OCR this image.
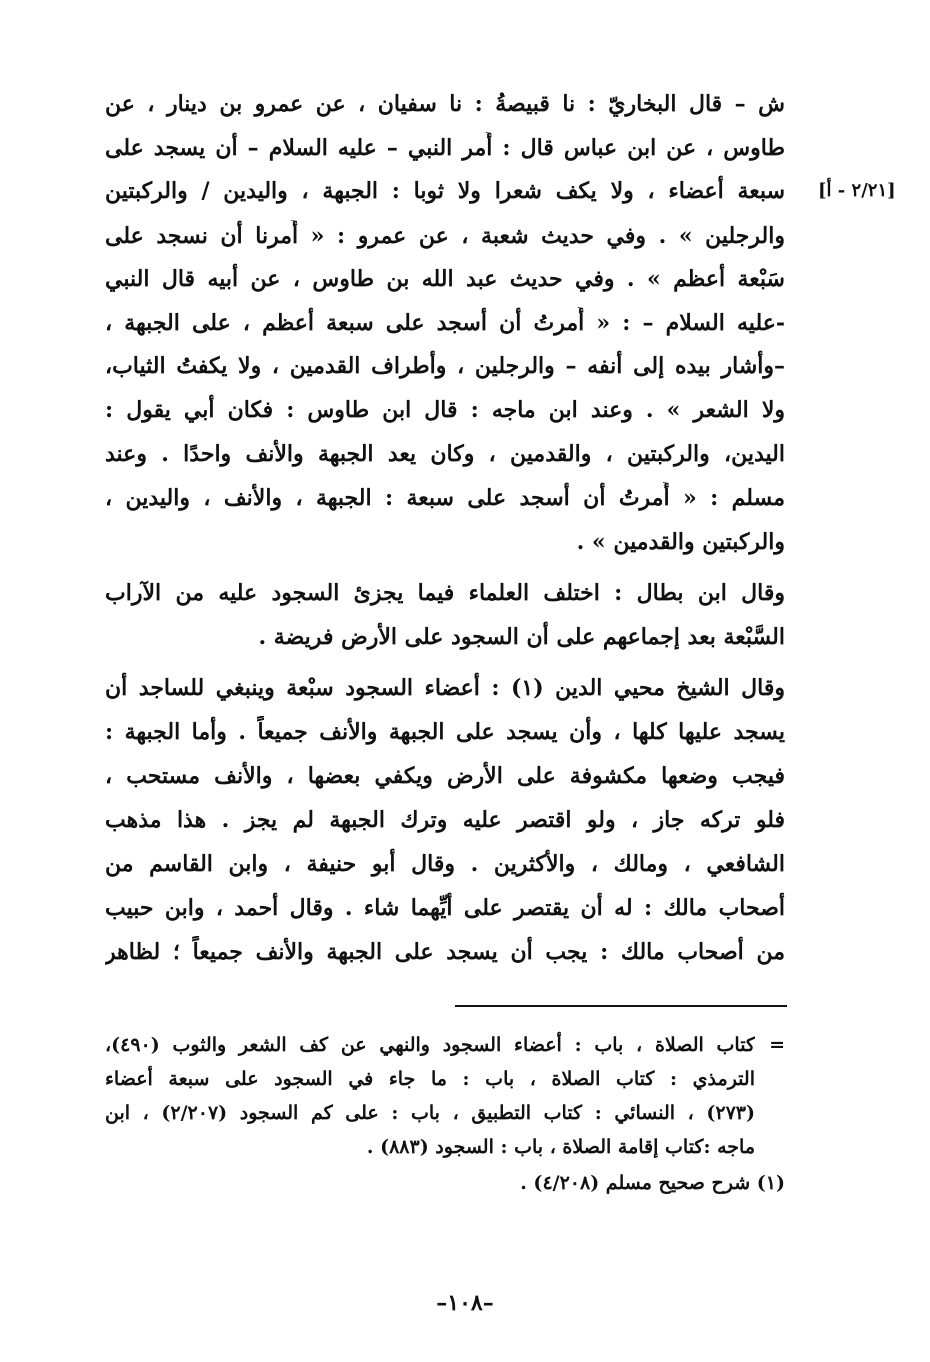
ش – قال البخاريّ : نا قبيصةُ : نا سفيان ، عن عمرو بن دينار ، عن
طاوس ، عن ابن عباس قال : أُمر النبي – عليه السلام – أن يسجد على
سبعة أعضاء ، ولا يكف شعرا ولا ثوبا : الجبهة ، واليدين / والركبتين [٢/٢١ - أ]
والرجلين » . وفي حديث شعبة ، عن عمرو : « أُمرنا أن نسجد على
سَبْعة أعظم » . وفي حديث عبد الله بن طاوس ، عن أبيه قال النبي
-عليه السلام – : « أُمرتُ أن أسجد على سبعة أعظم ، على الجبهة ،
–وأشار بيده إلى أنفه – والرجلين ، وأطراف القدمين ، ولا يكفتُ الثياب،
ولا الشعر » . وعند ابن ماجه : قال ابن طاوس : فكان أبي يقول :
اليدين، والركبتين ، والقدمين ، وكان يعد الجبهة والأنف واحدًا . وعند
مسلم : « أُمرتُ أن أسجد على سبعة : الجبهة ، والأنف ، واليدين ،
والركبتين والقدمين » .
وقال ابن بطال : اختلف العلماء فيما يجزئ السجود عليه من الآراب
السَّبْعة بعد إجماعهم على أن السجود على الأرض فريضة .
وقال الشيخ محيي الدين (١) : أعضاء السجود سبْعة وينبغي للساجد أن
يسجد عليها كلها ، وأن يسجد على الجبهة والأنف جميعاً . وأما الجبهة :
فيجب وضعها مكشوفة على الأرض ويكفي بعضها ، والأنف مستحب ،
فلو تركه جاز ، ولو اقتصر عليه وترك الجبهة لم يجز . هذا مذهب
الشافعي ، ومالك ، والأكثرين . وقال أبو حنيفة ، وابن القاسم من
أصحاب مالك : له أن يقتصر على أيِّهما شاء . وقال أحمد ، وابن حبيب
من أصحاب مالك : يجب أن يسجد على الجبهة والأنف جميعاً ؛ لظاهر
=
كتاب الصلاة ، باب : أعضاء السجود والنهي عن كف الشعر والثوب (٤٩٠)،
الترمذي : كتاب الصلاة ، باب : ما جاء في السجود على سبعة أعضاء
(٢٧٣) ، النسائي : كتاب التطبيق ، باب : على كم السجود (٢/٢٠٧) ، ابن
ماجه :كتاب إقامة الصلاة ، باب : السجود (٨٨٣) .
(١) شرح صحيح مسلم (٤/٢٠٨) .
–١٠٨–
